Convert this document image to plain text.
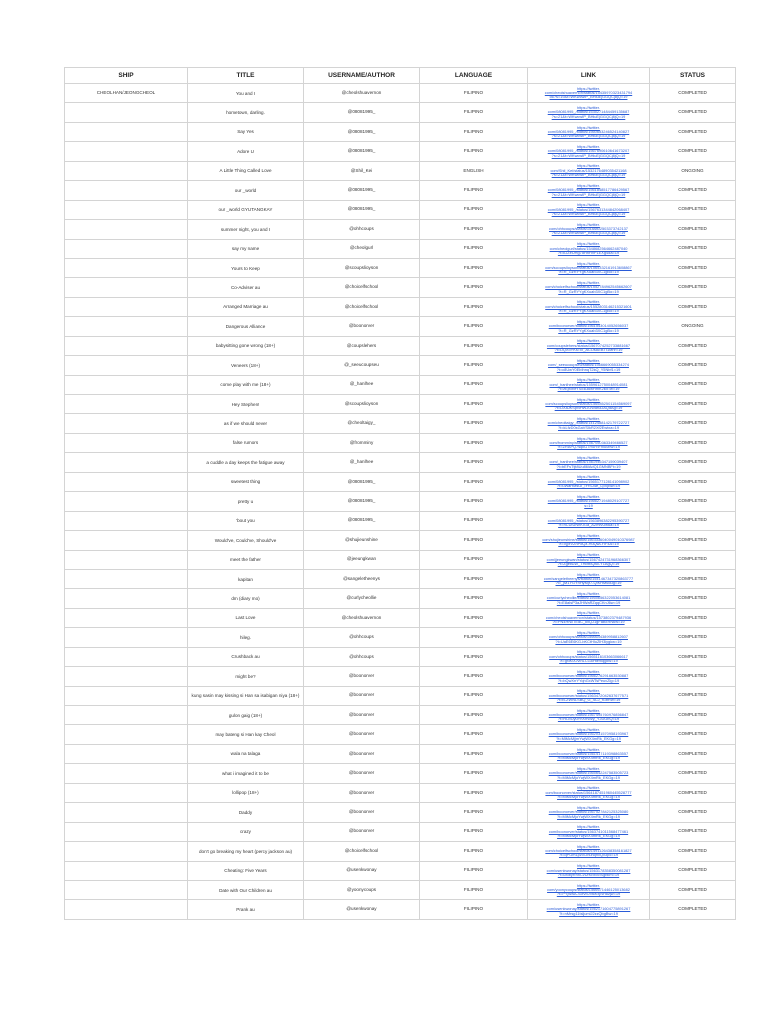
SHIP	TITLE	USERNAME/AUTHOR	LANGUAGE	LINK	STATUS
CHEOLHAN/JEONGCHEOL	You and I	@cheolshuavernon	FILIPINO	https://twitter.
com/cheolshuavernon/status/15435970323431794
56?s=19&t=WKwcwIP_BHiuEjGGQCj8jQ=19	COMPLETED
	hometown, darling.	@08081995_	FILIPINO	https://twitter.
com/08081995_/status/1535271484459135687
?s=21&t=WKwcwIP_BHiuEjGGQCj8jQ=19	COMPLETED
	Say Yes	@08081995_	FILIPINO	https://twitter.
com/08081995_/status/1560653246524140827
?s=21&t=WKwcwIP_BHiuEjGGQCj8jQ=19	COMPLETED
	Adore U	@08081995_	FILIPINO	https://twitter.
com/08081995_/status/1567690610641673207
?s=21&t=WKwcwIP_BHiuEjGGQCj8jQ=19	COMPLETED
	A Little Thing Called Love	@Shil_Kei	ENGLISH	https://twitter.
com/Shil_Kei/status/1532176489035421168
?s=21&t=WKwcwIP_BHiuEjGGQCj8jQ=19	ONGOING
	our _world	@08081995_	FILIPINO	https://twitter.
com/08081995_/status/1561848517786429567
?s=21&t=WKwcwIP_BHiuEjGGQCj8jQ=19	COMPLETED
	our _world GYUTANGKAY	@08081995_	FILIPINO	https://twitter.
com/08081995_/status/1567631344842068407
?s=21&t=WKwcwIP_BHiuEjGGQCj8jQ=19	COMPLETED
	summer night, you and I	@ohhcoups	FILIPINO	https://twitter.
com/ohhcoups/status/1538802503373742137
?s=21&t=WKwcwIP_BHiuEjGGQCj8jQ=19	COMPLETED
	say my name	@cheolgurl	FILIPINO	https://twitter.
com/cheolgurl/status/1548682564662487040
?t=kJZeUHg7dHnH9P1EXg4da=19	COMPLETED
	Yours to Keep	@scoupslioyson	FILIPINO	https://twitter.
com/scoupslioyson/status/1565332161913608867
?t=R_GzRYYgKXuab3XC1gBo=19	COMPLETED
	Co-Adviser au	@choicelfschool	FILIPINO	https://twitter.
com/choicelfschool/status/1552784962545662607
?t=R_GzRYYgKXuab3XC1gBo=19	COMPLETED
	Arranged Marriage au	@choicelfschool	FILIPINO	https://twitter.
com/choicelfschool/status/1552803146215321601
?t=R_GzRYYgKXuab3XC1gBo=19	COMPLETED
	Dangerous Alliance	@boonorver	FILIPINO	https://twitter.
com/boonorver/status/1561543014052656037
?t=R_GzRYYgKXuab3XC1gBo=19	ONGOING
	babysitting gone wrong (18+)	@coupslehers	FILIPINO	https://twitter.
com/coupslehers/status/1567074252733881667
?t=DQXoYKsTIc_ACOsAEBTI1Mnr=19	COMPLETED
	Veneers (18+)	@_seeucoupseu	FILIPINO	https://twitter.
com/_seeucoupseu/status/1566669055334274
?t=c8UwY0EbIhnqT2kQ_Y5Nbf1=19	COMPLETED
	come play with me (18+)	@_hanlhee	FILIPINO	https://twitter.
com/_hanlhee/status/1559612750048914081
?t=zEjMxtrYSc4uBwHmK2kdTw=19	COMPLETED
	Hey Stephen!	@scoupslioyson	FILIPINO	https://twitter.
com/scoupslioyson/status/1565852501154569097
?t=DXaJKSpNHWJGW8fuDAQdAg=19	COMPLETED
	as if we should never	@cheoltaigy_	FILIPINO	https://twitter.
com/cheoltaigy_/status/1412488142179722727
?t=kLfzD0sGaVSIkR2Xf2Ewtxa=19	COMPLETED
	false rumors	@fromminy	FILIPINO	https://twitter.
com/fromminy/status/1567050363349466527
?t=ZRAPQ7sqkG7muYtFhiu0bw=19	COMPLETED
	a cuddle a day keeps the fatigue away	@_hanlhee	FILIPINO	https://twitter.
com/_hanlhee/status/1561946347159039407
?t=bEFsTtjt8Uu86lAdQ1GMNBFt=19	COMPLETED
	sweetest thing	@08081995_	FILIPINO	https://twitter.
com/08081995_/status/1565177128141098902
?t=uWaHMsGI_lYrSJ4e_LpXjBw=19	COMPLETED
	pretty u	@08081995_	FILIPINO	https://twitter.
com/08081995_/status/1566271948029107727
s=19	COMPLETED
	'bout you	@08081995_	FILIPINO	https://twitter.
com/08081995_/status/1563896382295390727
?t=nCUIUNhKIGa_AZmlvUw6a=19	COMPLETED
	Would've, Could've, Should've	@shujieunshine	FILIPINO	https://twitter.
com/shujieunshine/status/1563336040049010376987
?t=XjpfVZnPdQz-HuQwLYIF4A=19	COMPLETED
	meet the father	@jeeungkwan	FILIPINO	https://twitter.
com/jjeeungkwan/status/1567424731968366307
?t=ZgeBLW_THdfxlQ8o-Y1AgQ=19	COMPLETED
	kapitan	@sangeletheenys	FILIPINO	https://twitter.
com/sangeletheenys/status/1541467347320863777
?t=_jM1YGYnHyMjr7-QIKHM65ug=19	COMPLETED
	dm (diary mo)	@curlycheollie	FILIPINO	https://twitter.
com/curlycheollie/status/1565656322053614081
?t=E8aIsP3aJHWaRZqqCKnJ6w=19	COMPLETED
	Last Love	@cheolshuavernon	FILIPINO	https://twitter.
com/cheolshuavernon/status/1573802379487936
?t=PN4HNcTEdC_kxQJ1gFaBE9N6w=19	COMPLETED
	hileg.	@ohhcoups	FILIPINO	https://twitter.
com/ohhcoups/status/1566644389958812607
?t=UaE6E6KG-bKCtHIuZlH3iygkw=19	COMPLETED
	Crushback au	@ohhcoups	FILIPINO	https://twitter.
com/ohhcoups/status/1565116103663066617
?t=gNK0OvIhLCG8Hte9Iqgkw=19	COMPLETED
	might be?	@boonorver	FILIPINO	https://twitter.
com/boonorver/status/1566276291663530887
?t=bQwXrrYYqhGxWTsPeuvZlg=19	COMPLETED
	kung sasin may kissing si Han sa isabigan niya (18+)	@boonorver	FILIPINO	https://twitter.
com/boonorver/status/1563472042637677571
?t=B-ZWNLSBQ_G_4CJ_fGbRw=19	COMPLETED
	gulon gaig (18+)	@boonorver	FILIPINO	https://twitter.
com/boonorver/status/1567495760976856847
?t=RLMJyuYnXnWzy_YJDGbQ=19	COMPLETED
	may bateng si Han kay Cheol	@boonorver	FILIPINO	https://twitter.
com/boonorver/status/1562031570958193967
?t=MiMcMjjmYwjWX4mRk_EKGg=19	COMPLETED
	wala na talaga	@boonorver	FILIPINO	https://twitter.
com/boonorver/status/1561417119398863557
?t=MiMcMjoYwjWX4mRk_EKGg=19	COMPLETED
	what i imagined it to be	@boonorver	FILIPINO	https://twitter.
com/boonorver/status/1565642247583505723
?t=MiMcMjoYwjWX4mRk_EKGg=19	COMPLETED
	lollipop (18+)	@boonorver	FILIPINO	https://twitter.
com/boonorver/status/1564187451960445528777
?t=MiMcMjoYwjWX4mRk_EKGg=19	COMPLETED
	Daddy	@boonorver	FILIPINO	https://twitter.
com/boonorver/status/1567527842125325080
?t=MiMcMjoYwjWX4mRk_EKGg=19	COMPLETED
	crazy	@boonorver	FILIPINO	https://twitter.
com/boonorver/status/1563741011568477461
?t=MiMcMjoYwjWX4mRk_EKGg=19	COMPLETED
	don't go breaking my heart (percy jackson au)	@choicelfschool	FILIPINO	https://twitter.
com/choicelfschool/status/1491126438358161827
?t=qPGm1pzXDhunqhxQx3p5=19	COMPLETED
	Cheating: Five Years	@usenkwonay	FILIPINO	https://twitter.
com/usenkwonay/status/1563178358350081287
?t=uMbyRnnCvUrKbbXbSgbkm=19	COMPLETED
	Date with Our Children au	@yoonycoups	FILIPINO	https://twitter.
com/yoonycoups/status/1566671446125013682
?t=PYjwwA-ScfvbJ9i6KxjNH8zjw=19	COMPLETED
	Prank au	@usenkwonay	FILIPINO	https://twitter.
com/usenkwonay/status/1562171604775891267
?t=nMrsg11tsljumlJ2zzQbgBw=19	COMPLETED
